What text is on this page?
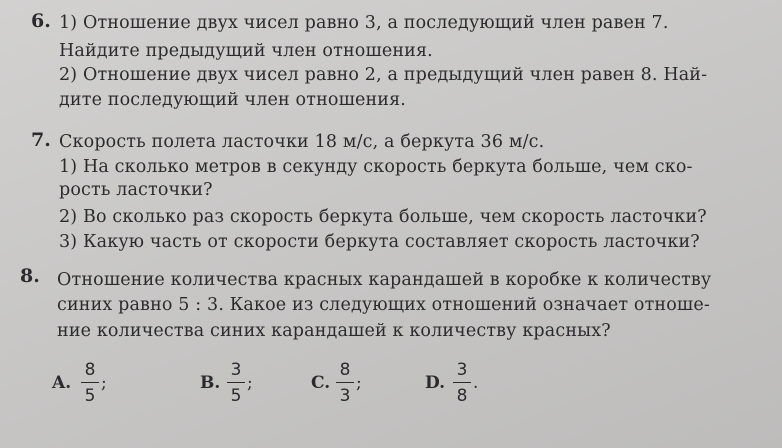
6. 1) Отношение двух чисел равно 3, а последующий член равен 7.
Найдите предыдущий член отношения.
2) Отношение двух чисел равно 2, а предыдущий член равен 8. Най-
дите последующий член отношения.
7. Скорость полета ласточки 18 м/с, а беркута 36 м/с.
1) На сколько метров в секунду скорость беркута больше, чем ско-
рость ласточки?
2) Во сколько раз скорость беркута больше, чем скорость ласточки?
3) Какую часть от скорости беркута составляет скорость ласточки?
8. Отношение количества красных карандашей в коробке к количеству
синих равно 5 : 3. Какое из следующих отношений означает отноше-
ние количества синих карандашей к количеству красных?
A.
8
5
;	B.
3
5
;	C.
8
3
;	D.
3
8
.
